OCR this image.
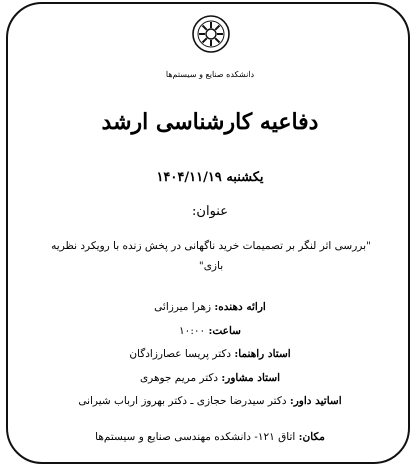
دانشکده صنایع و سیستم‌ها
دفاعیه کارشناسی ارشد
یکشنبه ۱۴۰۴/۱۱/۱۹
عنوان:
"بررسی اثر لنگر بر تصمیمات خرید ناگهانی در پخش زنده با رویکرد نظریه بازی"
ارائه دهنده: زهرا میرزائی
ساعت: ۱۰:۰۰
استاد راهنما: دکتر پریسا عصارزادگان
استاد مشاور: دکتر مریم جوهری
اساتید داور: دکتر سیدرضا حجازی ـ دکتر بهروز ارباب شیرانی
مکان: اتاق ۱۲۱- دانشکده مهندسی صنایع و سیستم‌ها
